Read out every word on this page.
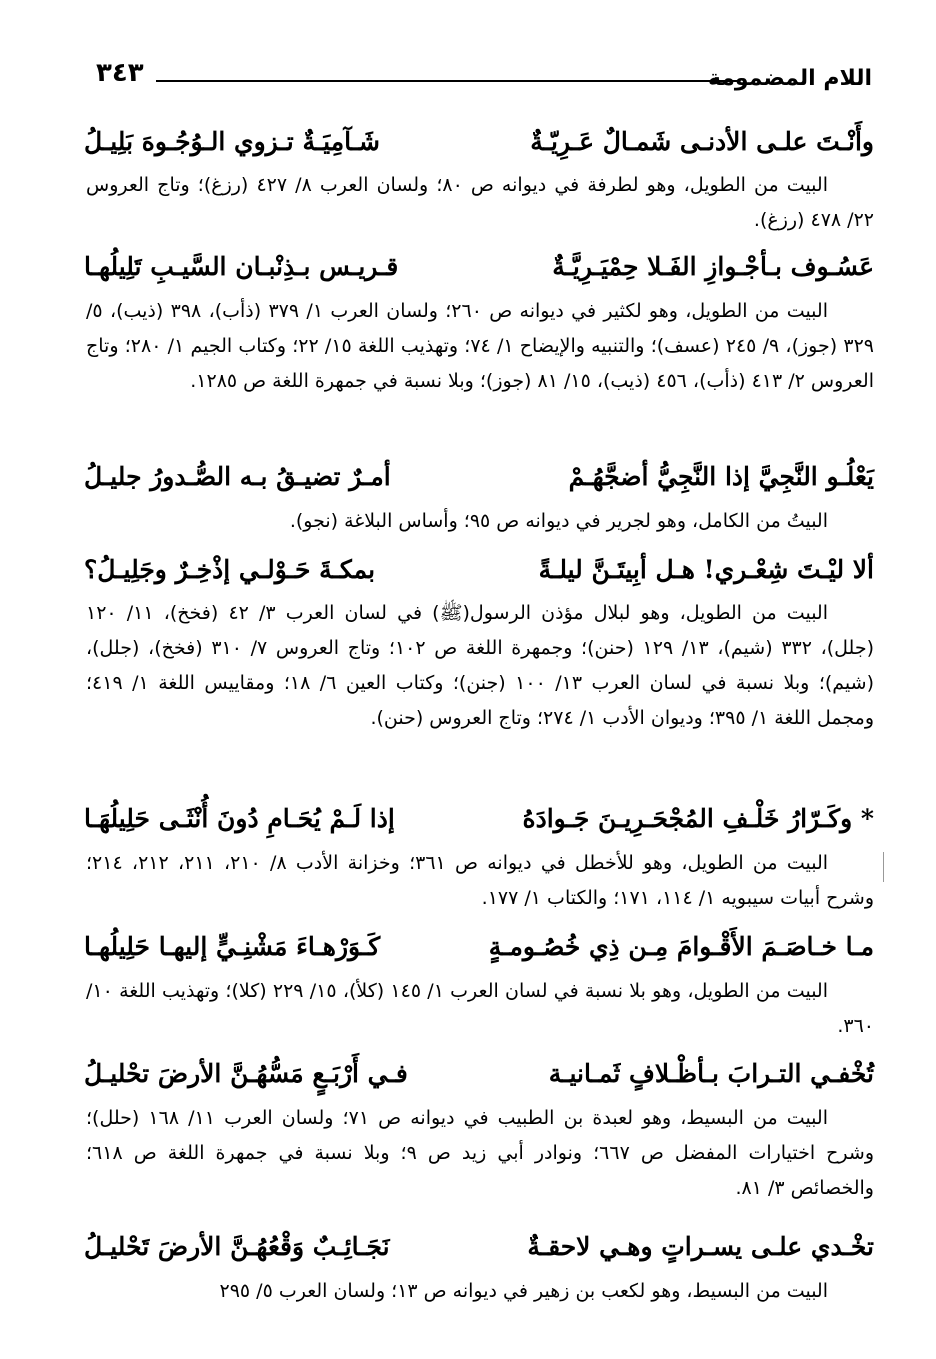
اللام المضمومة
٣٤٣
وأَنْـتَ علـى الأدنـى شَمـالٌ عَـرِيّـةٌ
شَـآمِيَـةٌ تـزوي الـوُجُـوهَ بَلِيـلُ
البيت من الطويل، وهو لطرفة في ديوانه ص ٨٠؛ ولسان العرب ٨/ ٤٢٧ (رزغ)؛ وتاج العروس ٢٢/ ٤٧٨ (رزغ).
عَسُـوف بـأجْـوازِ الفَـلا حِمْيَـرِيَّـةٌ
قـريـس بـذِنْبـان السَّيـبِ تَلِيلُهـا
البيت من الطويل، وهو لكثير في ديوانه ص ٢٦٠؛ ولسان العرب ١/ ٣٧٩ (ذأب)، ٣٩٨ (ذيب)، ٥/ ٣٢٩ (جوز)، ٩/ ٢٤٥ (عسف)؛ والتنبيه والإيضاح ١/ ٧٤؛ وتهذيب اللغة ١٥/ ٢٢؛ وكتاب الجيم ١/ ٢٨٠؛ وتاج العروس ٢/ ٤١٣ (ذأب)، ٤٥٦ (ذيب)، ١٥/ ٨١ (جوز)؛ وبلا نسبة في جمهرة اللغة ص ١٢٨٥.
يَعْلُـو النَّجِيَّ إذا النَّجِيُّ أضجَّهُـمْ
أمـرٌ تضيـقُ بـه الصُّـدورُ جليـلُ
البيتُ من الكامل، وهو لجرير في ديوانه ص ٩٥؛ وأساس البلاغة (نجو).
ألا ليْـتَ شِعْـري! هـل أبِيتَـنَّ ليلـةً
بمكـةَ حَـوْلـي إذْخِـرٌ وجَلِيـلُ؟
البيت من الطويل، وهو لبلال مؤذن الرسول(ﷺ) في لسان العرب ٣/ ٤٢ (فخخ)، ١١/ ١٢٠ (جلل)، ٣٣٢ (شيم)، ١٣/ ١٢٩ (حنن)؛ وجمهرة اللغة ص ١٠٢؛ وتاج العروس ٧/ ٣١٠ (فخخ)، (جلل)، (شيم)؛ وبلا نسبة في لسان العرب ١٣/ ١٠٠ (جنن)؛ وكتاب العين ٦/ ١٨؛ ومقاييس اللغة ١/ ٤١٩؛ ومجمل اللغة ١/ ٣٩٥؛ وديوان الأدب ١/ ٢٧٤؛ وتاج العروس (حنن).
* وكَـرّارُ خَلْـفِ المُجْحَـرِيـنَ جَـوادَهُ
إذا لَـمْ يُحَـامِ دُونَ أُنْثَـى حَلِيلُهَـا
البيت من الطويل، وهو للأخطل في ديوانه ص ٣٦١؛ وخزانة الأدب ٨/ ٢١٠، ٢١١، ٢١٢، ٢١٤؛ وشرح أبيات سيبويه ١/ ١١٤، ١٧١؛ والكتاب ١/ ١٧٧.
مـا خـاصَـمَ الأَقْـوامَ مِـن ذِي خُصُـومـةٍ
كَـوَرْهـاءَ مَشْنِـيٍّ إليهـا حَلِيلُهـا
البيت من الطويل، وهو بلا نسبة في لسان العرب ١/ ١٤٥ (كلأ)، ١٥/ ٢٢٩ (كلا)؛ وتهذيب اللغة ١٠/ ٣٦٠.
تُخْفـي التـرابَ بـأظْـلافٍ ثَمـانيـة
فـي أَرْبَـعٍ مَسُّهُـنَّ الأرضَ تحْليـلُ
البيت من البسيط، وهو لعبدة بن الطبيب في ديوانه ص ٧١؛ ولسان العرب ١١/ ١٦٨ (حلل)؛ وشرح اختيارات المفضل ص ٦٦٧؛ ونوادر أبي زيد ص ٩؛ وبلا نسبة في جمهرة اللغة ص ٦١٨؛ والخصائص ٣/ ٨١.
تخْـدي علـى يسـراتٍ وهـي لاحقـةٌ
نَجَـائِـبٌ وَقْعُهُـنَّ الأرضَ تَحْليـلُ
البيت من البسيط، وهو لكعب بن زهير في ديوانه ص ١٣؛ ولسان العرب ٥/ ٢٩٥
